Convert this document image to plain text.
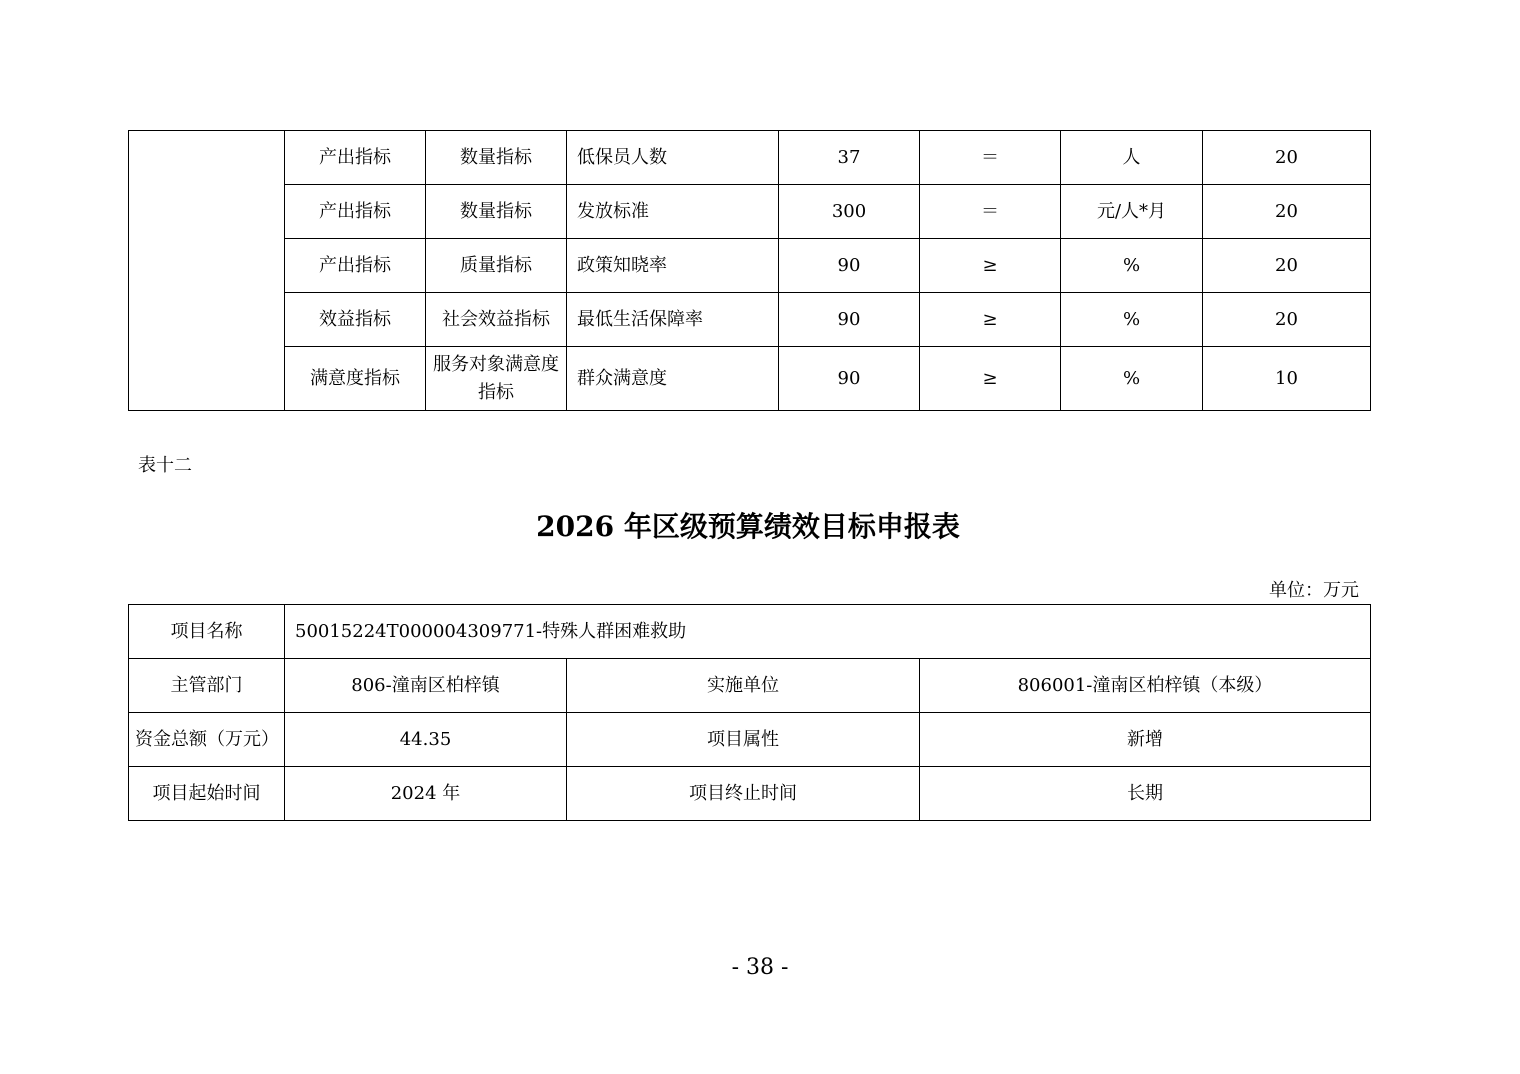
	产出指标	数量指标	低保员人数	37	＝	人	20
	产出指标	数量指标	发放标准	300	＝	元/人*月	20
	产出指标	质量指标	政策知晓率	90	≥	%	20
	效益指标	社会效益指标	最低生活保障率	90	≥	%	20
	满意度指标	服务对象满意度指标	群众满意度	90	≥	%	10
表十二
2026 年区级预算绩效目标申报表
单位：万元
项目名称	50015224T000004309771-特殊人群困难救助		
主管部门	806-潼南区柏梓镇	实施单位	806001-潼南区柏梓镇（本级）
资金总额（万元）	44.35	项目属性	新增
项目起始时间	2024 年	项目终止时间	长期
- 38 -
